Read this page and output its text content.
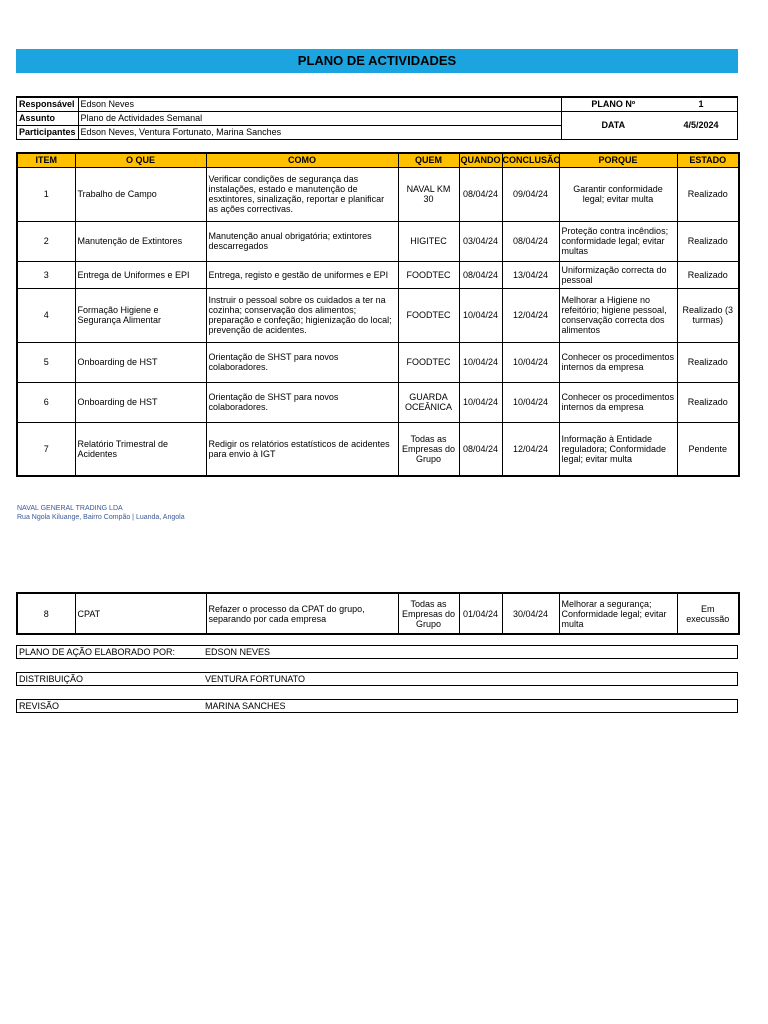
PLANO DE ACTIVIDADES
Responsável	Edson Neves	PLANO Nº	1
Assunto	Plano de Actividades Semanal	DATA	4/5/2024
Participantes	Edson Neves, Ventura Fortunato, Marina Sanches		
ITEM	O QUE	COMO	QUEM	QUANDO	CONCLUSÃO	PORQUE	ESTADO
1	Trabalho de Campo	Verificar condições de segurança das instalações, estado e manutenção de esxtintores, sinalização, reportar e planificar as ações correctivas.	NAVAL KM 30	08/04/24	09/04/24	Garantir conformidade legal; evitar multa	Realizado
2	Manutenção de Extintores	Manutenção anual obrigatória; extintores descarregados	HIGITEC	03/04/24	08/04/24	Proteção contra incêndios; conformidade legal; evitar multas	Realizado
3	Entrega de Uniformes e EPI	Entrega, registo e gestão de uniformes e EPI	FOODTEC	08/04/24	13/04/24	Uniformização correcta do pessoal	Realizado
4	Formação Higiene e Segurança Alimentar	Instruir o pessoal sobre os cuidados a ter na cozinha; conservação dos alimentos; preparação e confeção; higienização do local; prevenção de acidentes.	FOODTEC	10/04/24	12/04/24	Melhorar a Higiene no refeitório; higiene pessoal, conservação correcta dos alimentos	Realizado (3 turmas)
5	Onboarding de HST	Orientação de SHST para novos colaboradores.	FOODTEC	10/04/24	10/04/24	Conhecer os procedimentos internos da empresa	Realizado
6	Onboarding de HST	Orientação de SHST para novos colaboradores.	GUARDA OCEÂNICA	10/04/24	10/04/24	Conhecer os procedimentos internos da empresa	Realizado
7	Relatório Trimestral de Acidentes	Redigir os relatórios estatísticos de acidentes para envio à IGT	Todas as Empresas do Grupo	08/04/24	12/04/24	Informação à Entidade reguladora; Conformidade legal; evitar multa	Pendente
NAVAL GENERAL TRADING LDA
Rua Ngola Kiluange, Bairro Compão | Luanda, Angola
8	CPAT	Refazer o processo da CPAT do grupo, separando por cada empresa	Todas as Empresas do Grupo	01/04/24	30/04/24	Melhorar a segurança; Conformidade legal; evitar multa	Em execussão
PLANO DE AÇÃO ELABORADO POR:	EDSON NEVES
DISTRIBUIÇÃO	VENTURA FORTUNATO
REVISÃO	MARINA SANCHES
